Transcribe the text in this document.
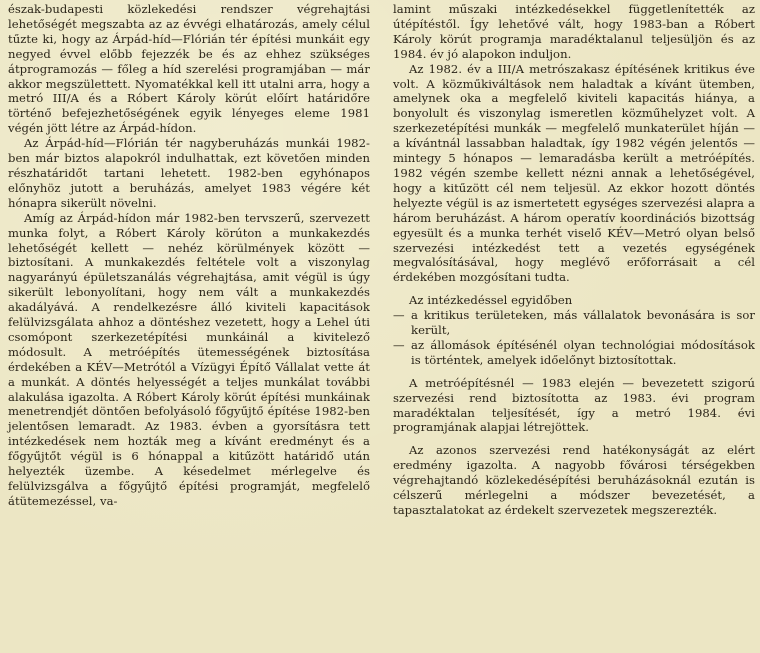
észak-budapesti közlekedési rendszer végrehajtási lehetőségét megszabta az az évvégi elhatározás, amely célul tűzte ki, hogy az Árpád-híd—Flórián tér építési munkáit egy negyed évvel előbb fejezzék be és az ehhez szükséges átprogramozás — főleg a híd szerelési programjában — már akkor megszülettett. Nyomatékkal kell itt utalni arra, hogy a metró III/A és a Róbert Károly körút előírt határidőre történő befejezhetőségének egyik lényeges eleme 1981 végén jött létre az Árpád-hídon.

Az Árpád-híd—Flórián tér nagyberuházás munkái 1982-ben már biztos alapokról indulhattak, ezt követően minden részhatáridőt tartani lehetett. 1982-ben egyhónapos előnyhöz jutott a beruházás, amelyet 1983 végére két hónapra sikerült növelni.

Amíg az Árpád-hídon már 1982-ben tervszerű, szervezett munka folyt, a Róbert Károly körúton a munkakezdés lehetőségét kellett — nehéz körülmények között — biztosítani. A munkakezdés feltétele volt a viszonylag nagyarányú épületszanálás végrehajtása, amit végül is úgy sikerült lebonyolítani, hogy nem vált a munkakezdés akadályává. A rendelkezésre álló kiviteli kapacitások felülvizsgálata ahhoz a döntéshez vezetett, hogy a Lehel úti csomópont szerkezetépítési munkáinál a kivitelező módosult. A metróépítés ütemességének biztosítása érdekében a KÉV—Metrótól a Vízügyi Építő Vállalat vette át a munkát. A döntés helyességét a teljes munkálat további alakulása igazolta. A Róbert Károly körút építési munkáinak menetrendjét döntően befolyásoló főgyűjtő építése 1982-ben jelentősen lemaradt. Az 1983. évben a gyorsításra tett intézkedések nem hozták meg a kívánt eredményt és a főgyűjtőt végül is 6 hónappal a kitűzött határidő után helyezték üzembe. A késedelmet mérlegelve és felülvizsgálva a főgyűjtő építési programját, megfelelő átütemezéssel, va-

lamint műszaki intézkedésekkel függetlenítették az útépítéstől. Így lehetővé vált, hogy 1983-ban a Róbert Károly körút programja maradéktalanul teljesüljön és az 1984. év jó alapokon induljon.

Az 1982. év a III/A metrószakasz építésének kritikus éve volt. A közműkiváltások nem haladtak a kívánt ütemben, amelynek oka a megfelelő kiviteli kapacitás hiánya, a bonyolult és viszonylag ismeretlen közműhelyzet volt. A szerkezetépítési munkák — megfelelő munkaterület híján — a kívántnál lassabban haladtak, így 1982 végén jelentős — mintegy 5 hónapos — lemaradásba került a metróépítés. 1982 végén szembe kellett nézni annak a lehetőségével, hogy a kitűzött cél nem teljesül. Az ekkor hozott döntés helyezte végül is az ismertetett egységes szervezési alapra a három beruházást. A három operatív koordinációs bizottság egyesült és a munka terhét viselő KÉV—Metró olyan belső szervezési intézkedést tett a vezetés egységének megvalósításával, hogy meglévő erőforrásait a cél érdekében mozgósítani tudta.

Az intézkedéssel egyidőben

— a kritikus területeken, más vállalatok bevonására is sor került,
— az állomások építésénél olyan technológiai módosítások is történtek, amelyek időelőnyt biztosítottak.

A metróépítésnél — 1983 elején — bevezetett szigorú szervezési rend biztosította az 1983. évi program maradéktalan teljesítését, így a metró 1984. évi programjának alapjai létrejöttek.

Az azonos szervezési rend hatékonyságát az elért eredmény igazolta. A nagyobb fővárosi térségekben végrehajtandó közlekedésépítési beruházásoknál ezután is célszerű mérlegelni a módszer bevezetését, a tapasztalatokat az érdekelt szervezetek megszerezték.
